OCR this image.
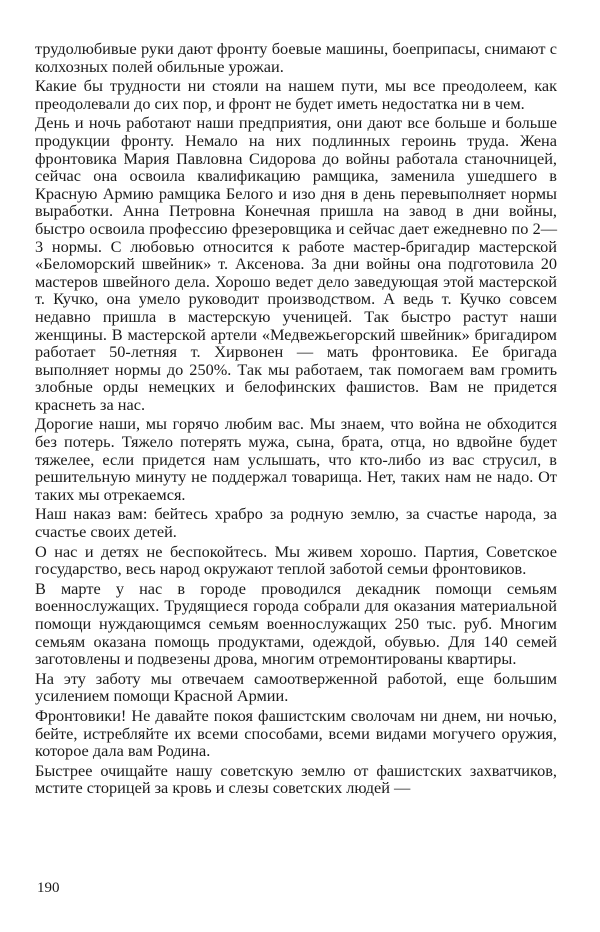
трудолюбивые руки дают фронту боевые машины, боеприпасы, снимают с колхозных полей обильные урожаи.

Какие бы трудности ни стояли на нашем пути, мы все преодолеем, как преодолевали до сих пор, и фронт не будет иметь недостатка ни в чем.

День и ночь работают наши предприятия, они дают все больше и больше продукции фронту. Немало на них подлинных героинь труда. Жена фронтовика Мария Павловна Сидорова до войны работала станочницей, сейчас она освоила квалификацию рамщика, заменила ушедшего в Красную Армию рамщика Белого и изо дня в день перевыполняет нормы выработки. Анна Петровна Конечная пришла на завод в дни войны, быстро освоила профессию фрезеровщика и сейчас дает ежедневно по 2—3 нормы. С любовью относится к работе мастер-бригадир мастерской «Беломорский швейник» т. Аксенова. За дни войны она подготовила 20 мастеров швейного дела. Хорошо ведет дело заведующая этой мастерской т. Кучко, она умело руководит производством. А ведь т. Кучко совсем недавно пришла в мастерскую ученицей. Так быстро растут наши женщины. В мастерской артели «Медвежьегорский швейник» бригадиром работает 50-летняя т. Хирвонен — мать фронтовика. Ее бригада выполняет нормы до 250%. Так мы работаем, так помогаем вам громить злобные орды немецких и белофинских фашистов. Вам не придется краснеть за нас.

Дорогие наши, мы горячо любим вас. Мы знаем, что война не обходится без потерь. Тяжело потерять мужа, сына, брата, отца, но вдвойне будет тяжелее, если придется нам услышать, что кто-либо из вас струсил, в решительную минуту не поддержал товарища. Нет, таких нам не надо. От таких мы отрекаемся.

Наш наказ вам: бейтесь храбро за родную землю, за счастье народа, за счастье своих детей.

О нас и детях не беспокойтесь. Мы живем хорошо. Партия, Советское государство, весь народ окружают теплой заботой семьи фронтовиков.

В марте у нас в городе проводился декадник помощи семьям военнослужащих. Трудящиеся города собрали для оказания материальной помощи нуждающимся семьям военнослужащих 250 тыс. руб. Многим семьям оказана помощь продуктами, одеждой, обувью. Для 140 семей заготовлены и подвезены дрова, многим отремонтированы квартиры.

На эту заботу мы отвечаем самоотверженной работой, еще большим усилением помощи Красной Армии.

Фронтовики! Не давайте покоя фашистским сволочам ни днем, ни ночью, бейте, истребляйте их всеми способами, всеми видами могучего оружия, которое дала вам Родина.

Быстрее очищайте нашу советскую землю от фашистских захватчиков, мстите сторицей за кровь и слезы советских людей —

190
